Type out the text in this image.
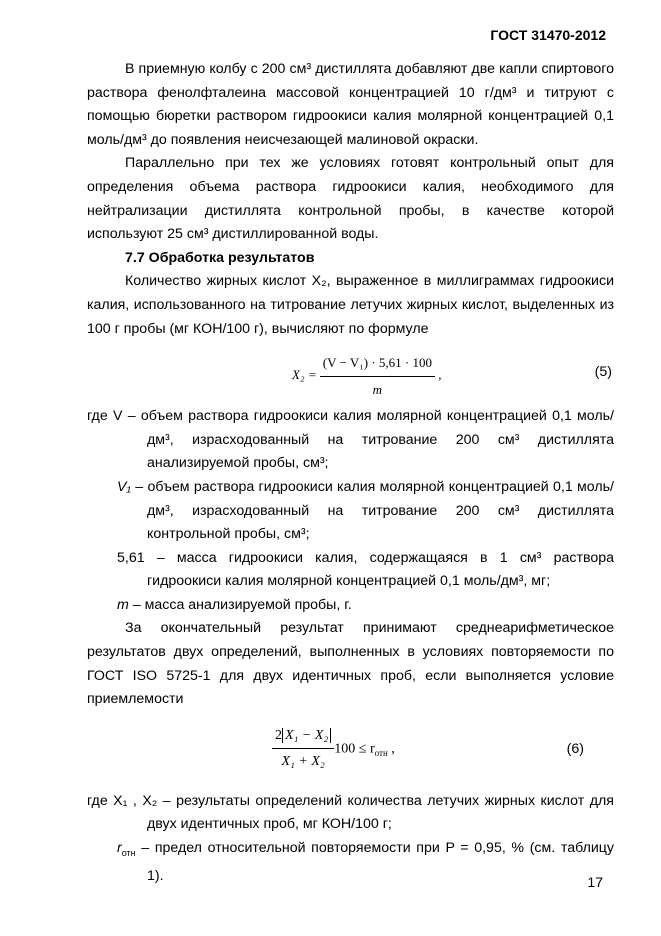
ГОСТ 31470-2012

В приемную колбу с 200 см³ дистиллята добавляют две капли спиртового раствора фенолфталеина массовой концентрацией 10 г/дм³ и титруют с помощью бюретки раствором гидроокиси калия молярной концентрацией 0,1 моль/дм³ до появления неисчезающей малиновой окраски.

Параллельно при тех же условиях готовят контрольный опыт для определения объема раствора гидроокиси калия, необходимого для нейтрализации дистиллята контрольной пробы, в качестве которой используют 25 см³ дистиллированной воды.

7.7 Обработка результатов

Количество жирных кислот X₂, выраженное в миллиграммах гидроокиси калия, использованного на титрование летучих жирных кислот, выделенных из 100 г пробы (мг КОН/100 г), вычисляют по формуле

$X_2 = \frac{\text{(V − V₁) · 5,61 · 100}}{m}$ ,	(5)

где V – объем раствора гидроокиси калия молярной концентрацией 0,1 моль/дм³, израсходованный на титрование 200 см³ дистиллята анализируемой пробы, см³;

V₁ – объем раствора гидроокиси калия молярной концентрацией 0,1 моль/дм³, израсходованный на титрование 200 см³ дистиллята контрольной пробы, см³;

5,61 – масса гидроокиси калия, содержащаяся в 1 см³ раствора гидроокиси калия молярной концентрацией 0,1 моль/дм³, мг;

m – масса анализируемой пробы, г.

За окончательный результат принимают среднеарифметическое результатов двух определений, выполненных в условиях повторяемости по ГОСТ ISO 5725-1 для двух идентичных проб, если выполняется условие приемлемости

$\frac{\text{2 X₁ − X₂}}{\text{X₁ + X₂}} 100 \le r_{отн}$ ,	(6)

где X₁ , X₂ – результаты определений количества летучих жирных кислот для двух идентичных проб, мг КОН/100 г;

$r_{отн}$ – предел относительной повторяемости при P = 0,95, % (см. таблицу 1).	17
